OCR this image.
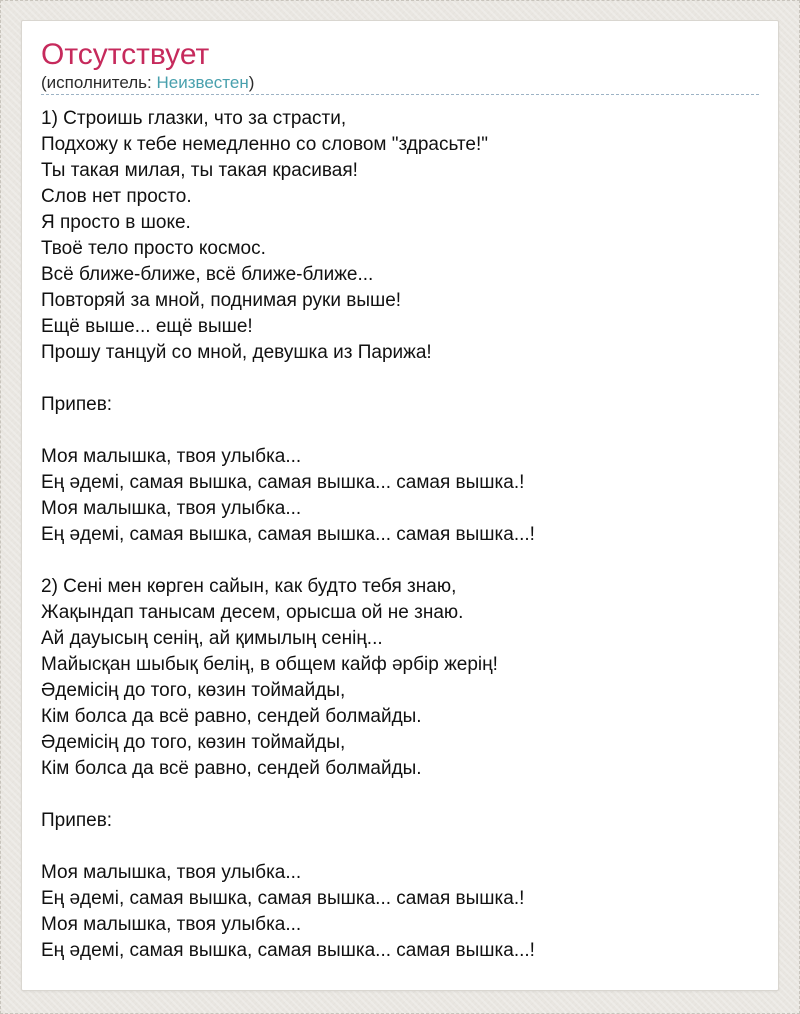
Отсутствует

(исполнитель: Неизвестен)

1) Строишь глазки, что за страсти,
Подхожу к тебе немедленно со словом "здрасьте!"
Ты такая милая, ты такая красивая!
Слов нет просто.
Я просто в шоке.
Твоё тело просто космос.
Всё ближе-ближе, всё ближе-ближе...
Повторяй за мной, поднимая руки выше!
Ещё выше... ещё выше!
Прошу танцуй со мной, девушка из Парижа!

Припев:

Моя малышка, твоя улыбка...
Ең әдемі, самая вышка, самая вышка... самая вышка.!
Моя малышка, твоя улыбка...
Ең әдемі, самая вышка, самая вышка... самая вышка...!

2) Сені мен көрген сайын, как будто тебя знаю,
Жақындап танысам десем, орысша ой не знаю.
Ай дауысың сенің, ай қимылың сенің...
Майысқан шыбық белің, в общем кайф әрбір жерің!
Әдемісің до того, көзин тоймайды,
Кім болса да всё равно, сендей болмайды.
Әдемісің до того, көзин тоймайды,
Кім болса да всё равно, сендей болмайды.

Припев:

Моя малышка, твоя улыбка...
Ең әдемі, самая вышка, самая вышка... самая вышка.!
Моя малышка, твоя улыбка...
Ең әдемі, самая вышка, самая вышка... самая вышка...!
